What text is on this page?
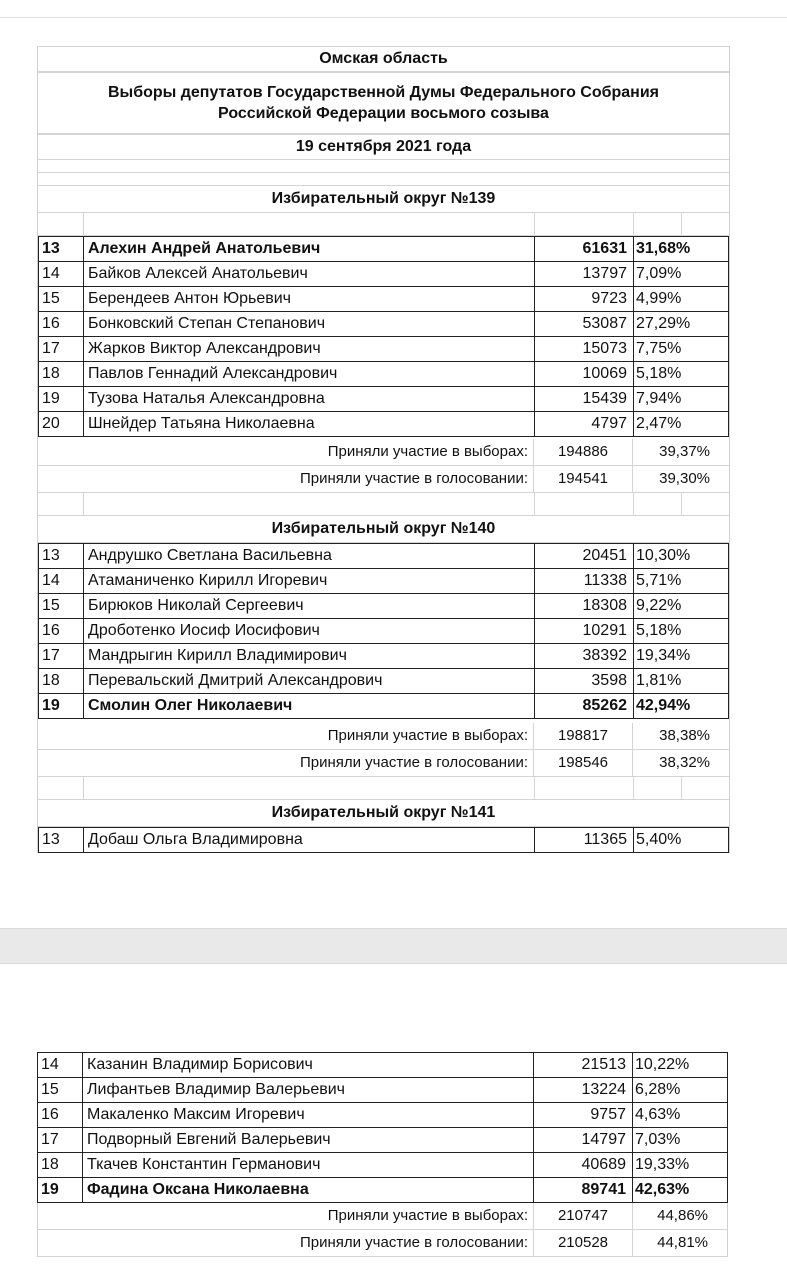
Омская область
Выборы депутатов Государственной Думы Федерального Собрания
Российской Федерации восьмого созыва
19 сентября 2021 года
Избирательный округ №139
13	Алехин Андрей Анатольевич	61631 31,68%
14	Байков Алексей Анатольевич	13797 7,09%
15	Берендеев Антон Юрьевич	9723 4,99%
16	Бонковский Степан Степанович	53087 27,29%
17	Жарков Виктор Александрович	15073 7,75%
18	Павлов Геннадий Александрович	10069 5,18%
19	Тузова Наталья Александровна	15439 7,94%
20	Шнейдер Татьяна Николаевна	4797 2,47%
Приняли участие в выборах:	194886	39,37%
Приняли участие в голосовании:	194541	39,30%
Избирательный округ №140
13	Андрушко Светлана Васильевна	20451 10,30%
14	Атаманиченко Кирилл Игоревич	11338 5,71%
15	Бирюков Николай Сергеевич	18308 9,22%
16	Дроботенко Иосиф Иосифович	10291 5,18%
17	Мандрыгин Кирилл Владимирович	38392 19,34%
18	Перевальский Дмитрий Александрович	3598 1,81%
19	Смолин Олег Николаевич	85262 42,94%
Приняли участие в выборах:	198817	38,38%
Приняли участие в голосовании:	198546	38,32%
Избирательный округ №141
13	Добаш Ольга Владимировна	11365 5,40%
14	Казанин Владимир Борисович	21513 10,22%
15	Лифантьев Владимир Валерьевич	13224 6,28%
16	Макаленко Максим Игоревич	9757 4,63%
17	Подворный Евгений Валерьевич	14797 7,03%
18	Ткачев Константин Германович	40689 19,33%
19	Фадина Оксана Николаевна	89741 42,63%
Приняли участие в выборах:	210747	44,86%
Приняли участие в голосовании:	210528	44,81%
